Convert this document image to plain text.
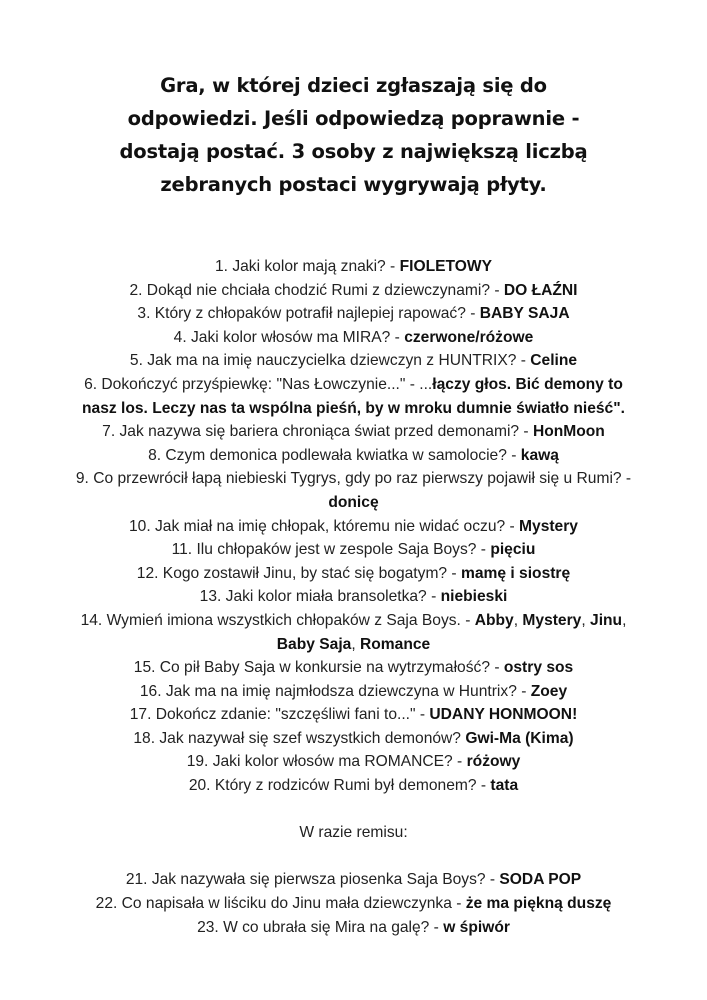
Gra, w której dzieci zgłaszają się do odpowiedzi. Jeśli odpowiedzą poprawnie - dostają postać. 3 osoby z największą liczbą zebranych postaci wygrywają płyty.

1. Jaki kolor mają znaki? - FIOLETOWY

2. Dokąd nie chciała chodzić Rumi z dziewczynami? - DO ŁAŹNI

3. Który z chłopaków potrafił najlepiej rapować? - BABY SAJA

4. Jaki kolor włosów ma MIRA? - czerwone/różowe

5. Jak ma na imię nauczycielka dziewczyn z HUNTRIX? - Celine

6. Dokończyć przyśpiewkę: "Nas Łowczynie..." - ...łączy głos. Bić demony to nasz los. Leczy nas ta wspólna pieśń, by w mroku dumnie światło nieść".

7. Jak nazywa się bariera chroniąca świat przed demonami? - HonMoon

8. Czym demonica podlewała kwiatka w samolocie? - kawą

9. Co przewrócił łapą niebieski Tygrys, gdy po raz pierwszy pojawił się u Rumi? - donicę

10. Jak miał na imię chłopak, któremu nie widać oczu? - Mystery

11. Ilu chłopaków jest w zespole Saja Boys? - pięciu

12. Kogo zostawił Jinu, by stać się bogatym? - mamę i siostrę

13. Jaki kolor miała bransoletka? - niebieski

14. Wymień imiona wszystkich chłopaków z Saja Boys. - Abby, Mystery, Jinu, Baby Saja, Romance

15. Co pił Baby Saja w konkursie na wytrzymałość? - ostry sos

16. Jak ma na imię najmłodsza dziewczyna w Huntrix? - Zoey

17. Dokończ zdanie: "szczęśliwi fani to..." - UDANY HONMOON!

18. Jak nazywał się szef wszystkich demonów? Gwi-Ma (Kima)

19. Jaki kolor włosów ma ROMANCE? - różowy

20. Który z rodziców Rumi był demonem? - tata

W razie remisu:

21. Jak nazywała się pierwsza piosenka Saja Boys? - SODA POP

22. Co napisała w liściku do Jinu mała dziewczynka - że ma piękną duszę

23. W co ubrała się Mira na galę? - w śpiwór
